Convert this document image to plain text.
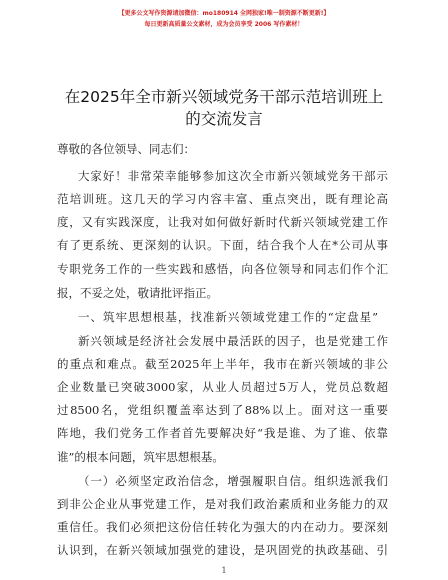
【更多公文写作资源请加微信：mo180914 全网独家!唯一制资源不断更新!】
每日更新高质量公文素材，成为会员享受 2006 写作素材！
在2025年全市新兴领域党务干部示范培训班上
的交流发言
尊敬的各位领导、同志们：
大家好！非常荣幸能够参加这次全市新兴领域党务干部示
范培训班。这几天的学习内容丰富、重点突出，既有理论高
度，又有实践深度，让我对如何做好新时代新兴领域党建工作
有了更系统、更深刻的认识。下面，结合我个人在*公司从事
专职党务工作的一些实践和感悟，向各位领导和同志们作个汇
报，不妥之处，敬请批评指正。
一、筑牢思想根基，找准新兴领域党建工作的“定盘星”
新兴领域是经济社会发展中最活跃的因子，也是党建工作
的重点和难点。截至2025年上半年，我市在新兴领域的非公
企业数量已突破3000家，从业人员超过5万人，党员总数超
过8500名，党组织覆盖率达到了88%以上。面对这一重要
阵地，我们党务工作者首先要解决好“我是谁、为了谁、依靠
谁”的根本问题，筑牢思想根基。
（一）必须坚定政治信念，增强履职自信。组织选派我们
到非公企业从事党建工作，是对我们政治素质和业务能力的双
重信任。我们必须把这份信任转化为强大的内在动力。要深刻
认识到，在新兴领域加强党的建设，是巩固党的执政基础、引
1
